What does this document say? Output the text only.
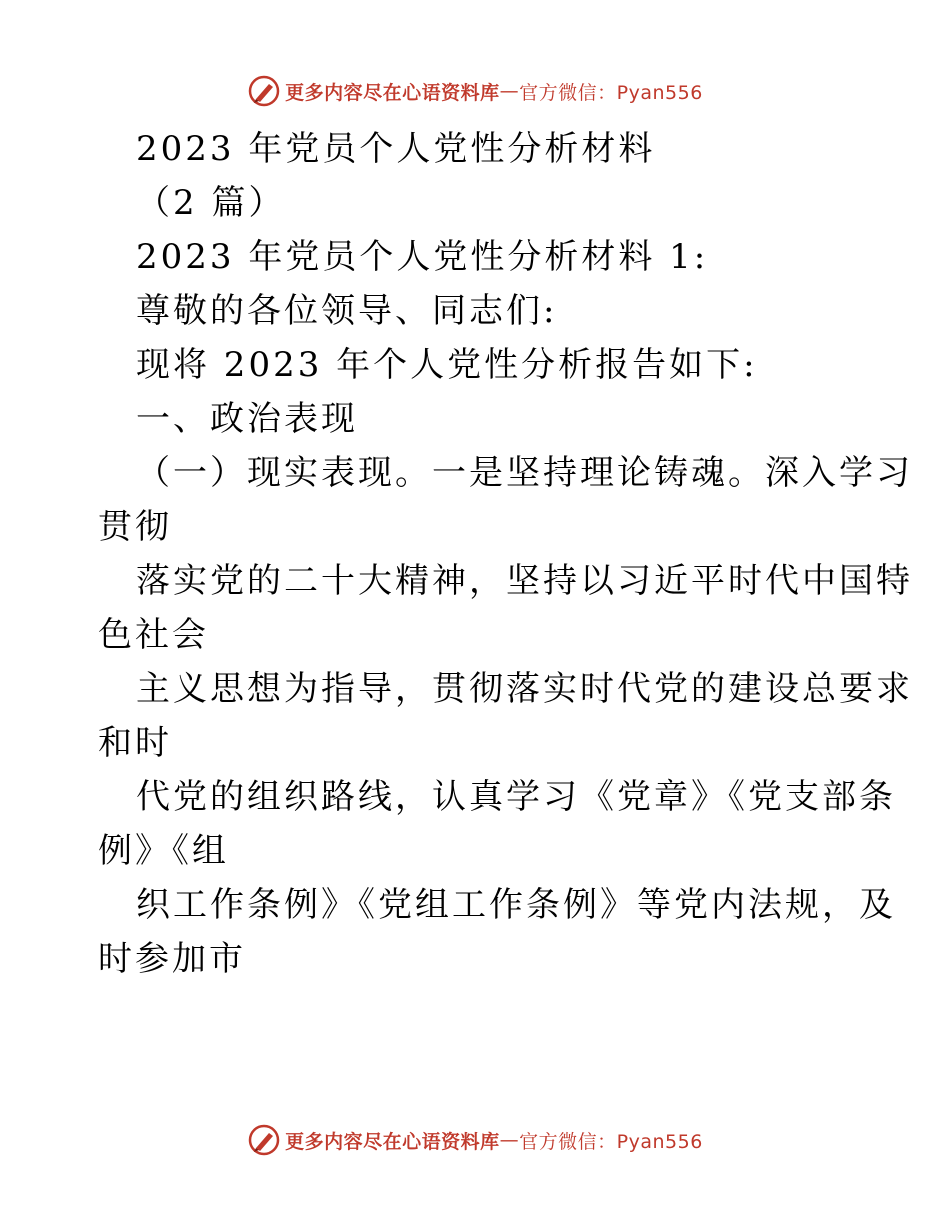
更多内容尽在心语资料库 — 官方微信：Pyan556
2023 年党员个人党性分析材料
（2 篇）
2023 年党员个人党性分析材料 1:
尊敬的各位领导、同志们:
现将 2023 年个人党性分析报告如下:
一、政治表现
（一）现实表现。一是坚持理论铸魂。深入学习
贯彻
落实党的二十大精神，坚持以习近平时代中国特
色社会
主义思想为指导，贯彻落实时代党的建设总要求
和时
代党的组织路线，认真学习《党章》《党支部条
例》《组
织工作条例》《党组工作条例》等党内法规，及
时参加市
更多内容尽在心语资料库 — 官方微信：Pyan556
